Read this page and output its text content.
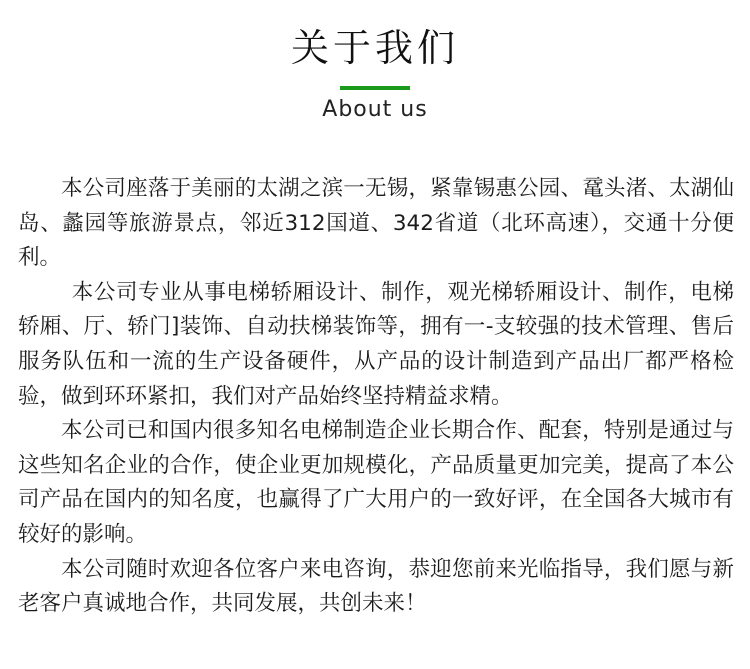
关于我们
About us

本公司座落于美丽的太湖之滨一无锡，紧靠锡惠公园、鼋头渚、太湖仙岛、蠡园等旅游景点，邻近312国道、342省道（北环高速），交通十分便利。

本公司专业从事电梯轿厢设计、制作，观光梯轿厢设计、制作，电梯轿厢、厅、轿门]装饰、自动扶梯装饰等，拥有一-支较强的技术管理、售后服务队伍和一流的生产设备硬件，从产品的设计制造到产品出厂都严格检验，做到环环紧扣，我们对产品始终坚持精益求精。

本公司已和国内很多知名电梯制造企业长期合作、配套，特别是通过与这些知名企业的合作，使企业更加规模化，产品质量更加完美，提高了本公司产品在国内的知名度，也赢得了广大用户的一致好评，在全国各大城市有较好的影响。

本公司随时欢迎各位客户来电咨询，恭迎您前来光临指导，我们愿与新老客户真诚地合作，共同发展，共创未来！
